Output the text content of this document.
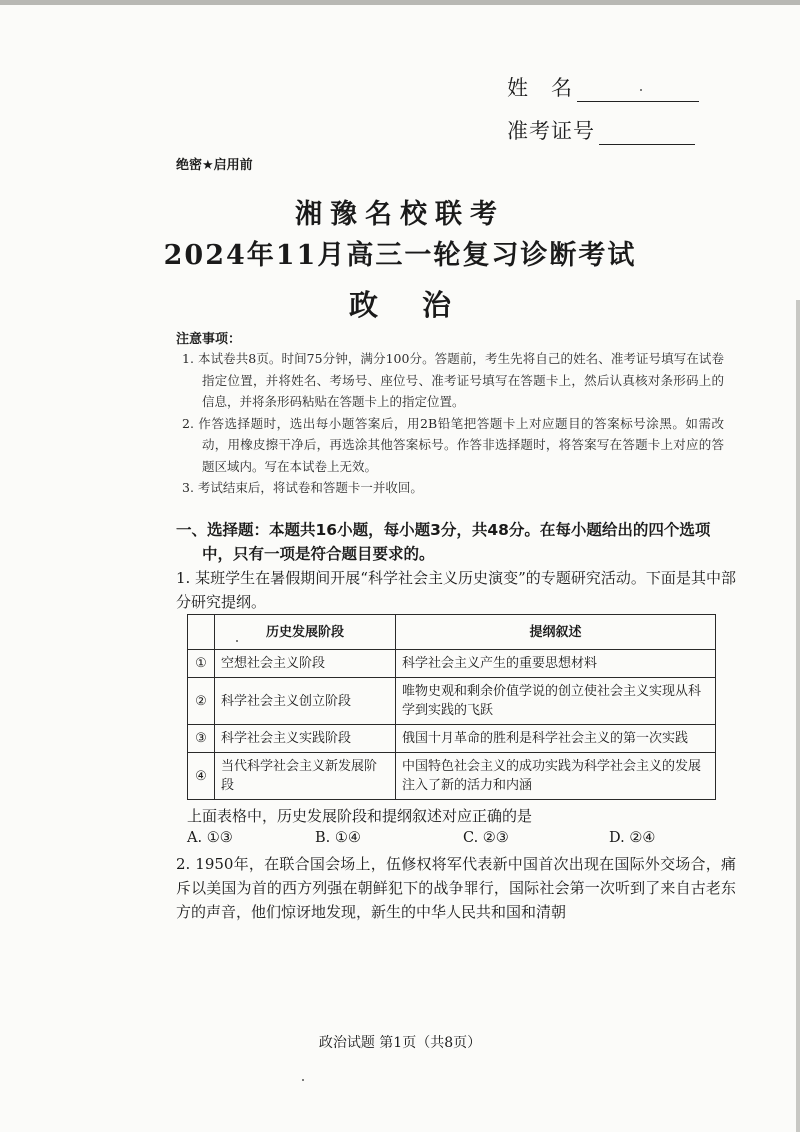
姓　名
准考证号
绝密★启用前
湘豫名校联考
2024年11月高三一轮复习诊断考试
政治
注意事项：

1. 本试卷共8页。时间75分钟，满分100分。答题前，考生先将自己的姓名、准考证号填写在试卷指定位置，并将姓名、考场号、座位号、准考证号填写在答题卡上，然后认真核对条形码上的信息，并将条形码粘贴在答题卡上的指定位置。

2. 作答选择题时，选出每小题答案后，用2B铅笔把答题卡上对应题目的答案标号涂黑。如需改动，用橡皮擦干净后，再选涂其他答案标号。作答非选择题时，将答案写在答题卡上对应的答题区域内。写在本试卷上无效。

3. 考试结束后，将试卷和答题卡一并收回。

一、选择题：本题共16小题，每小题3分，共48分。在每小题给出的四个选项
中，只有一项是符合题目要求的。
1. 某班学生在暑假期间开展“科学社会主义历史演变”的专题研究活动。下面是其中部分研究提纲。
	历史发展阶段	提纲叙述
①	空想社会主义阶段	科学社会主义产生的重要思想材料
②	科学社会主义创立阶段	唯物史观和剩余价值学说的创立使社会主义实现从科学到实践的飞跃
③	科学社会主义实践阶段	俄国十月革命的胜利是科学社会主义的第一次实践
④	当代科学社会主义新发展阶段	中国特色社会主义的成功实践为科学社会主义的发展注入了新的活力和内涵
上面表格中，历史发展阶段和提纲叙述对应正确的是
A. ①③	B. ①④	C. ②③	D. ②④
2. 1950年，在联合国会场上，伍修权将军代表新中国首次出现在国际外交场合，痛斥以美国为首的西方列强在朝鲜犯下的战争罪行，国际社会第一次听到了来自古老东方的声音，他们惊讶地发现，新生的中华人民共和国和清朝
政治试题 第1页（共8页）
